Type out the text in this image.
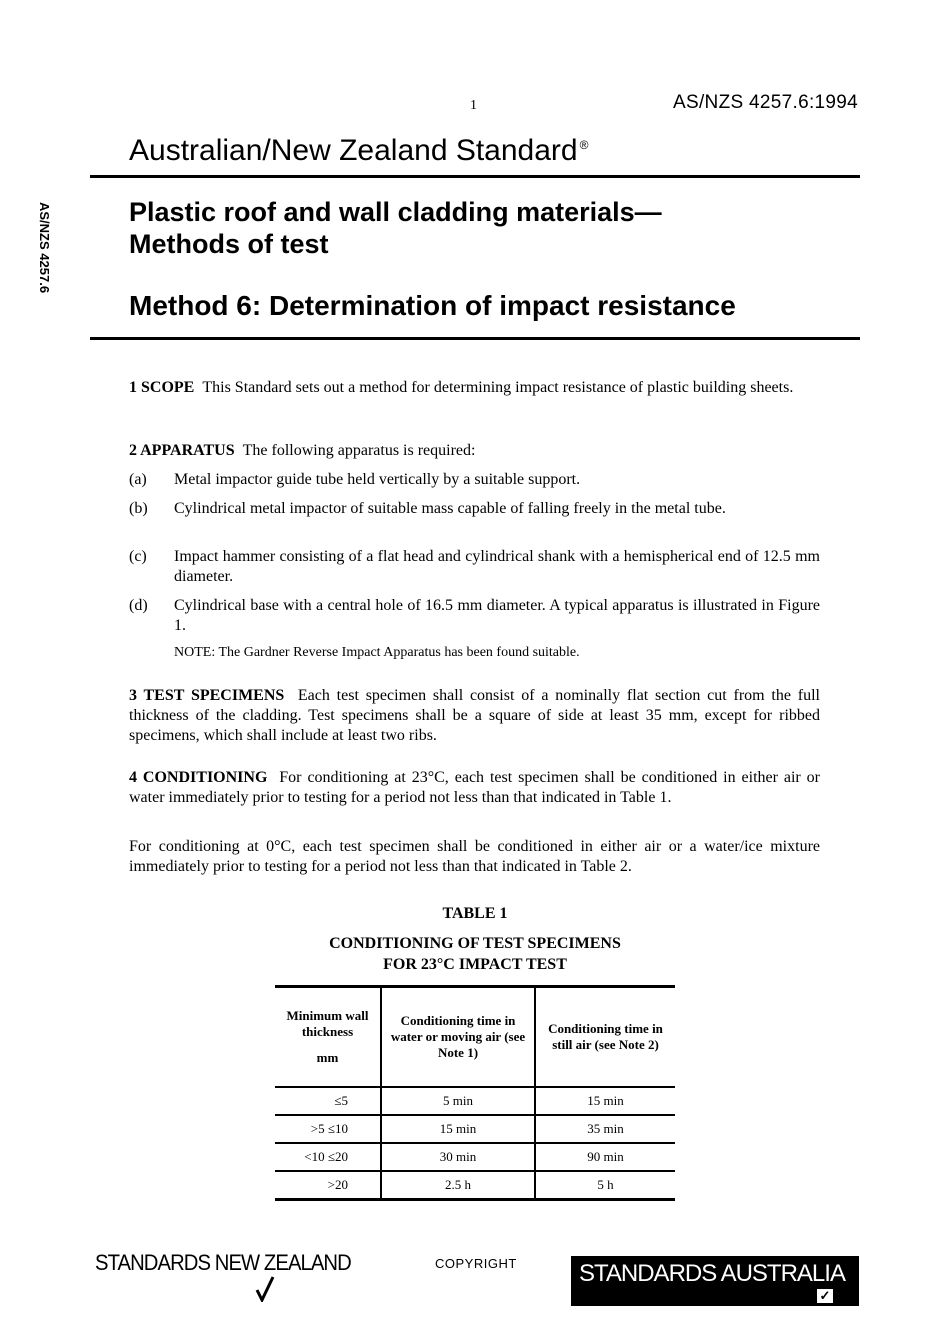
1	AS/NZS 4257.6:1994
Australian/New Zealand Standard ®
AS/NZS 4257.6	Plastic roof and wall cladding materials—
Methods of test
Method 6: Determination of impact resistance
1 SCOPE This Standard sets out a method for determining impact resistance of plastic building sheets.
2 APPARATUS The following apparatus is required:
(a) Metal impactor guide tube held vertically by a suitable support.
(b) Cylindrical metal impactor of suitable mass capable of falling freely in the metal tube.
(c) Impact hammer consisting of a flat head and cylindrical shank with a hemispherical end of 12.5 mm diameter.
(d) Cylindrical base with a central hole of 16.5 mm diameter. A typical apparatus is illustrated in Figure 1.
NOTE: The Gardner Reverse Impact Apparatus has been found suitable.
3 TEST SPECIMENS Each test specimen shall consist of a nominally flat section cut from the full thickness of the cladding. Test specimens shall be a square of side at least 35 mm, except for ribbed specimens, which shall include at least two ribs.
4 CONDITIONING For conditioning at 23°C, each test specimen shall be conditioned in either air or water immediately prior to testing for a period not less than that indicated in Table 1.
For conditioning at 0°C, each test specimen shall be conditioned in either air or a water/ice mixture immediately prior to testing for a period not less than that indicated in Table 2.
TABLE 1
CONDITIONING OF TEST SPECIMENS
FOR 23°C IMPACT TEST
Minimum wall thickness
mm	Conditioning time in water or moving air (see Note 1)	Conditioning time in still air (see Note 2)
≤5	5 min	15 min
>5 ≤10	15 min	35 min
<10 ≤20	30 min	90 min
>20	2.5 h	5 h
STANDARDS NEW ZEALAND	COPYRIGHT	STANDARDS AUSTRALIA
✓
